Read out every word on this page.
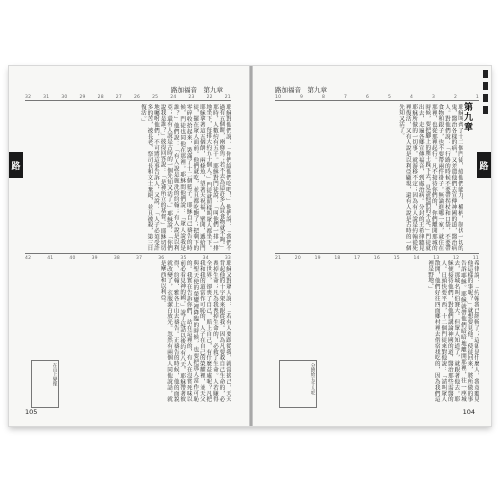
路
路加福音　第九章
32	31	30	29	28	27	26	25	24	23	22	21
耶穌對他們說：「你們給他們吃吧！」他們說：「我們不過有五個餅，兩條魚；若不去為這許多人買食物就不夠。」那時，人數約有五千。耶穌對門徒說：「叫他們一排一排地坐下，每排大約五十個人。」門徒就照樣叫眾人都坐下。耶穌拿著這五個餅，兩條魚，望著天祝福，擘開，遞給門徒，擺在眾人面前。他們就吃，並且都吃飽了；把剩下的零碎收拾起來，裝滿了十二個籃子。耶穌自己禱告的時候，門徒也同他在那裡。耶穌問他們說：「眾人說我是誰？」他們說：「有人說是施洗的約翰；有人說是以利亞；還有人說是古時的一個先知又活了。」耶穌說：「你們說我是誰？」彼得回答說：「是神所立的基督。」耶穌切切地囑咐他們，不可將這事告訴人，又說：「人子必須受許多的苦，被長老、祭司長和文士棄絕，並且被殺，第三日復活。」
42	41	40	39	38	37	36	35	34	33
耶穌又對眾人說：「若有人要跟從我，就當捨己，天天背起他的十字架來跟從我。因為凡要救自己生命的，必喪掉生命；凡為我喪掉生命的，必救了生命。人若賺得全世界，卻喪了自己，賠上自己，有什麼益處呢？凡把我和我的道當作可恥的，人子在自己的榮耀裡，並天父與聖天使的榮耀裡降臨的時候，也要把那人當作可恥的。我實在告訴你們，站在這裡的，有人在沒嘗死味以前必看見神的國。」說了這話以後約有八天，耶穌帶著彼得、約翰、雅各上山去禱告。正禱告的時候，他的面貌就改變了，衣服潔白放光。忽然有兩個人同他說話，就是摩西和以利亞。
在山上變像
105
路
路加福音　第九章
10	9	8	7	6	5	4	3	2	1
第九章
耶穌叫齊了十二個門徒，給他們能力、權柄，制伏一切的鬼，醫治各樣的病，又差遣他們去宣傳神國的道，醫治病人。對他們說：「行路的時候不要帶拐杖和口袋，不要帶食物和銀子，也不要帶兩件褂子。無論進哪一家，就住在那裡，也從那裡起行。凡不接待你們的，你們離開那城的時候，要把腳上的塵土跺下去，見證他們的不是。」門徒就出去，走遍各鄉宣傳福音，到處治病。分封的王希律聽見耶穌所做的一切事，就游移不定；因為有人說是約翰從死裡復活，又有人說是以利亞顯現，還有人說是古時的一個先知又活了。
21	20	19	18	17	16	15	14	13	12	11
希律說：「約翰我已經斬了；這卻是什麼人，我竟聽見他這樣的事呢？」就想要見他。使徒回來，將所做的事告訴耶穌。耶穌就帶他們暗暗地離開那裡，往一座城去，那城名叫伯賽大。但眾人知道了，就跟著他去。耶穌便接待他們，對他們講論神國的道，醫治那些需醫的人。日頭快要平西，十二個門徒來對他說：「請叫眾人散開，他們好往四面鄉村裡去借宿找吃的，因為我們這裡是野地。」
分餅給五千人吃
104
